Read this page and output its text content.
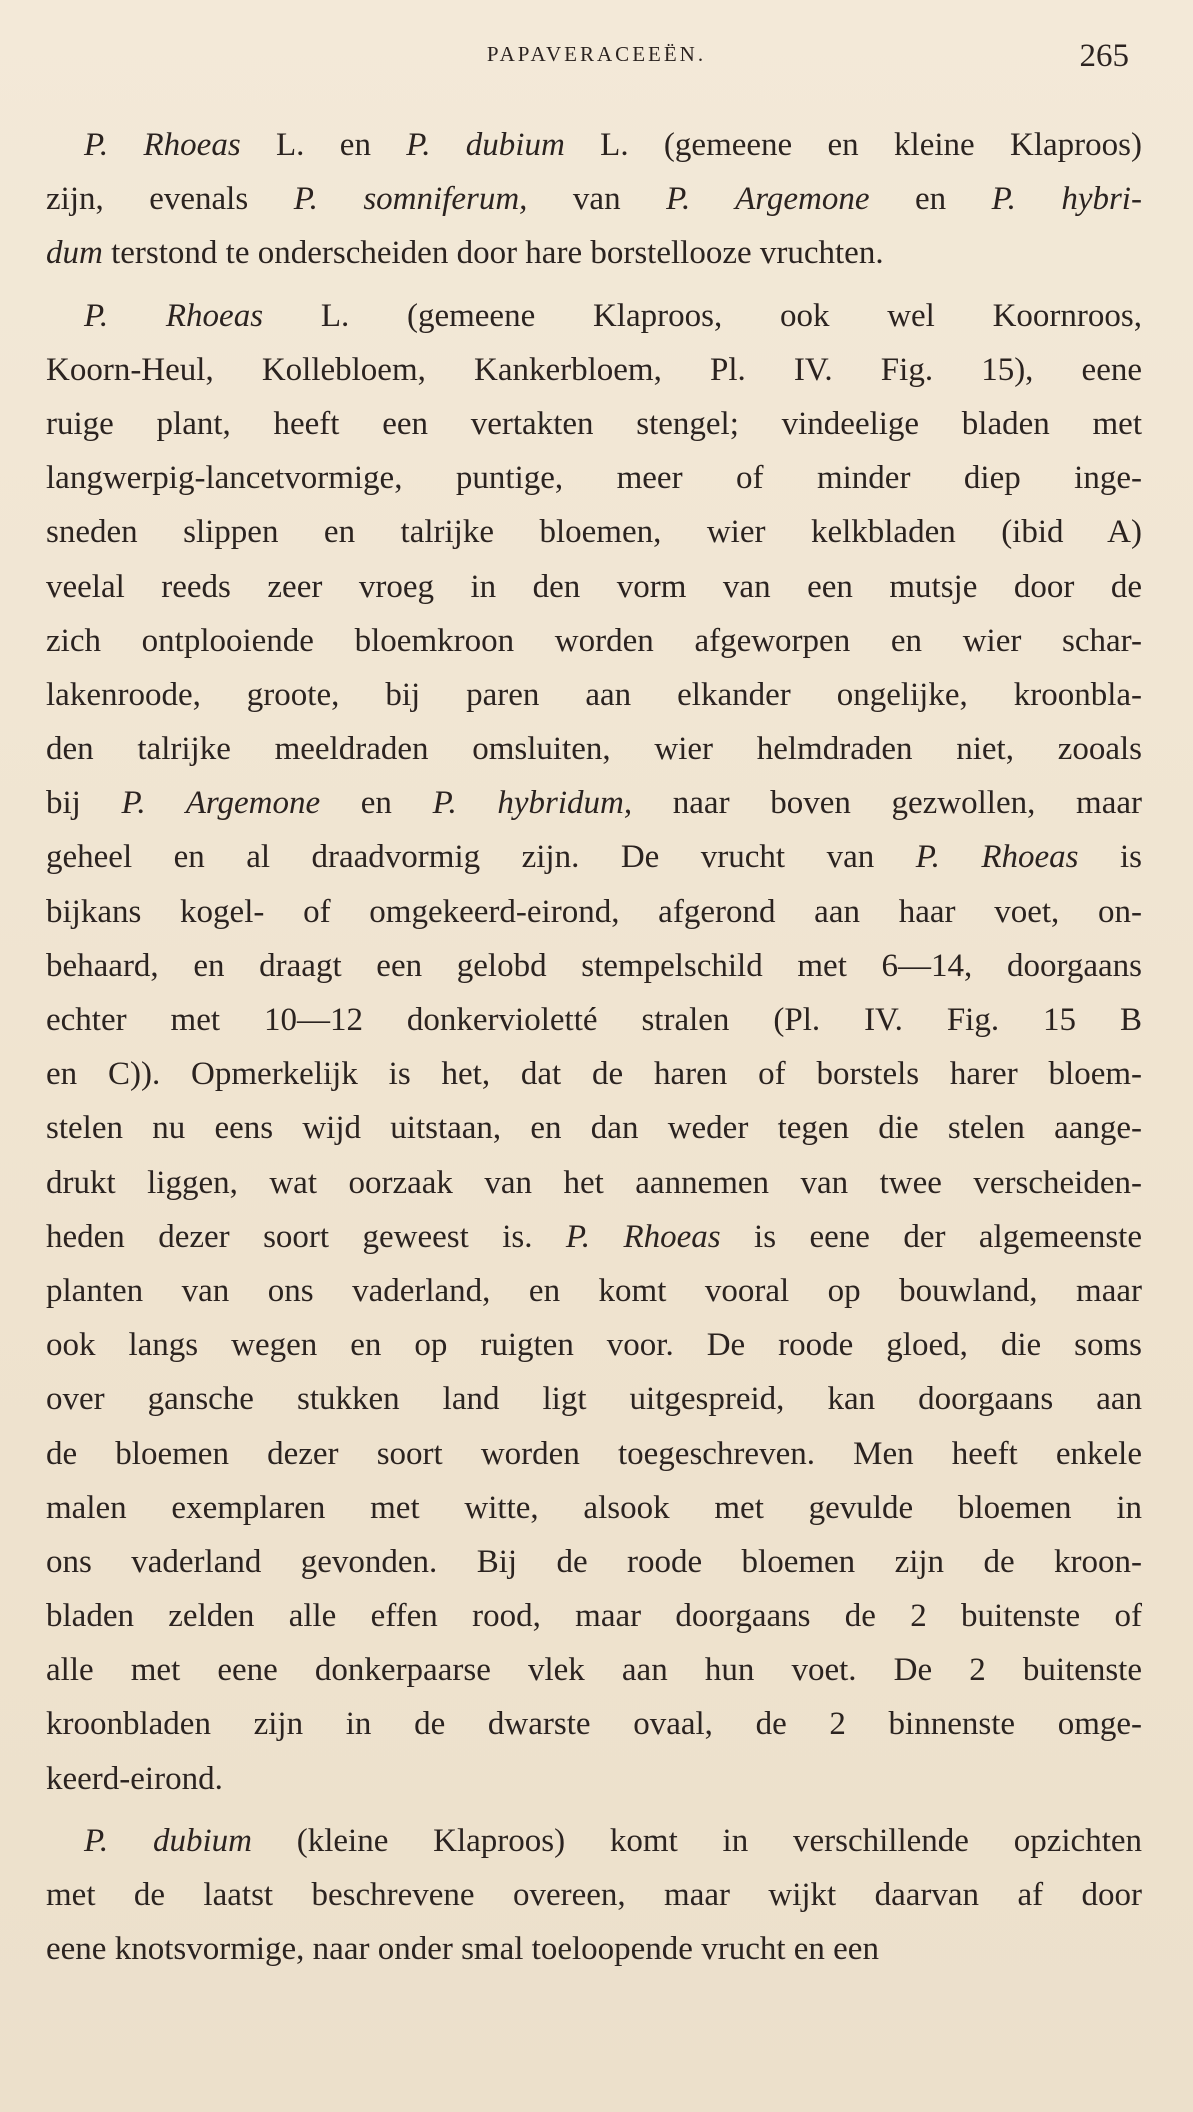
PAPAVERACEEËN.	265
P. Rhoeas L. en P. dubium L. (gemeene en kleine Klaproos)
zijn, evenals P. somniferum, van P. Argemone en P. hybri-
dum terstond te onderscheiden door hare borstellooze vruchten.
P. Rhoeas L. (gemeene Klaproos, ook wel Koornroos,
Koorn-Heul, Kollebloem, Kankerbloem, Pl. IV. Fig. 15), eene
ruige plant, heeft een vertakten stengel; vindeelige bladen met
langwerpig-lancetvormige, puntige, meer of minder diep inge-
sneden slippen en talrijke bloemen, wier kelkbladen (ibid A)
veelal reeds zeer vroeg in den vorm van een mutsje door de
zich ontplooiende bloemkroon worden afgeworpen en wier schar-
lakenroode, groote, bij paren aan elkander ongelijke, kroonbla-
den talrijke meeldraden omsluiten, wier helmdraden niet, zooals
bij P. Argemone en P. hybridum, naar boven gezwollen, maar
geheel en al draadvormig zijn. De vrucht van P. Rhoeas is
bijkans kogel- of omgekeerd-eirond, afgerond aan haar voet, on-
behaard, en draagt een gelobd stempelschild met 6—14, doorgaans
echter met 10—12 donkervioletté stralen (Pl. IV. Fig. 15 B
en C)). Opmerkelijk is het, dat de haren of borstels harer bloem-
stelen nu eens wijd uitstaan, en dan weder tegen die stelen aange-
drukt liggen, wat oorzaak van het aannemen van twee verscheiden-
heden dezer soort geweest is. P. Rhoeas is eene der algemeenste
planten van ons vaderland, en komt vooral op bouwland, maar
ook langs wegen en op ruigten voor. De roode gloed, die soms
over gansche stukken land ligt uitgespreid, kan doorgaans aan
de bloemen dezer soort worden toegeschreven. Men heeft enkele
malen exemplaren met witte, alsook met gevulde bloemen in
ons vaderland gevonden. Bij de roode bloemen zijn de kroon-
bladen zelden alle effen rood, maar doorgaans de 2 buitenste of
alle met eene donkerpaarse vlek aan hun voet. De 2 buitenste
kroonbladen zijn in de dwarste ovaal, de 2 binnenste omge-
keerd-eirond.
P. dubium (kleine Klaproos) komt in verschillende opzichten
met de laatst beschrevene overeen, maar wijkt daarvan af door
eene knotsvormige, naar onder smal toeloopende vrucht en een
